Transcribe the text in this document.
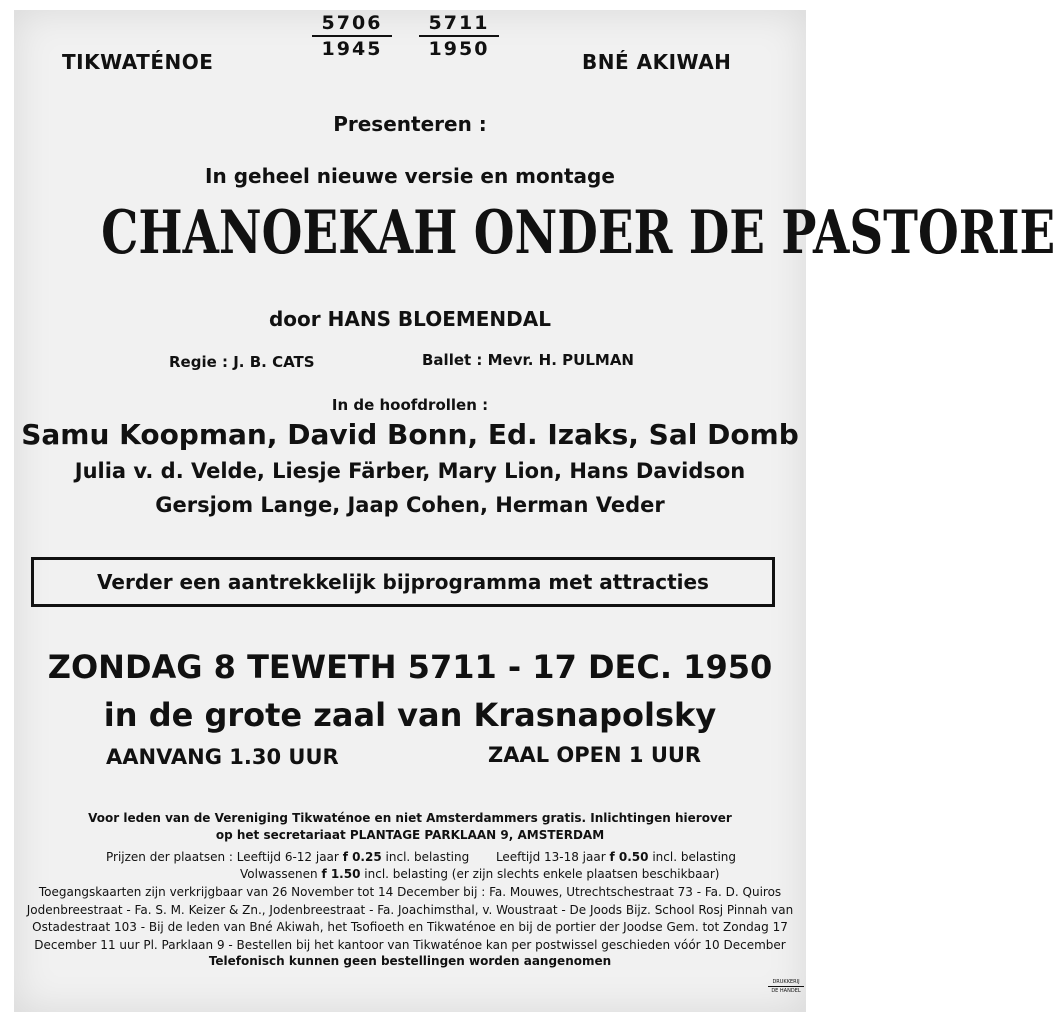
TIKWATÉNOE
5706
1945
5711
1950
BNÉ AKIWAH
Presenteren :
In geheel nieuwe versie en montage
CHANOEKAH ONDER DE PASTORIE
door HANS BLOEMENDAL
Regie : J. B. CATS	Ballet : Mevr. H. PULMAN
In de hoofdrollen :
Samu Koopman, David Bonn, Ed. Izaks, Sal Domb
Julia v. d. Velde, Liesje Färber, Mary Lion, Hans Davidson
Gersjom Lange, Jaap Cohen, Herman Veder
Verder een aantrekkelijk bijprogramma met attracties
ZONDAG 8 TEWETH 5711 - 17 DEC. 1950
in de grote zaal van Krasnapolsky
AANVANG 1.30 UUR	ZAAL OPEN 1 UUR
Voor leden van de Vereniging Tikwaténoe en niet Amsterdammers gratis. Inlichtingen hierover
op het secretariaat PLANTAGE PARKLAAN 9, AMSTERDAM
Prijzen der plaatsen : Leeftijd 6-12 jaar f 0.25 incl. belasting Leeftijd 13-18 jaar f 0.50 incl. belasting
Volwassenen f 1.50 incl. belasting (er zijn slechts enkele plaatsen beschikbaar)
Toegangskaarten zijn verkrijgbaar van 26 November tot 14 December bij : Fa. Mouwes, Utrechtschestraat 73 - Fa. D. Quiros Jodenbreestraat - Fa. S. M. Keizer & Zn., Jodenbreestraat - Fa. Joachimsthal, v. Woustraat - De Joods Bijz. School Rosj Pinnah van Ostadestraat 103 - Bij de leden van Bné Akiwah, het Tsofioeth en Tikwaténoe en bij de portier der Joodse Gem. tot Zondag 17 December 11 uur Pl. Parklaan 9 - Bestellen bij het kantoor van Tikwaténoe kan per postwissel geschieden vóór 10 December
Telefonisch kunnen geen bestellingen worden aangenomen
DRUKKERIJ
DE HANDEL
